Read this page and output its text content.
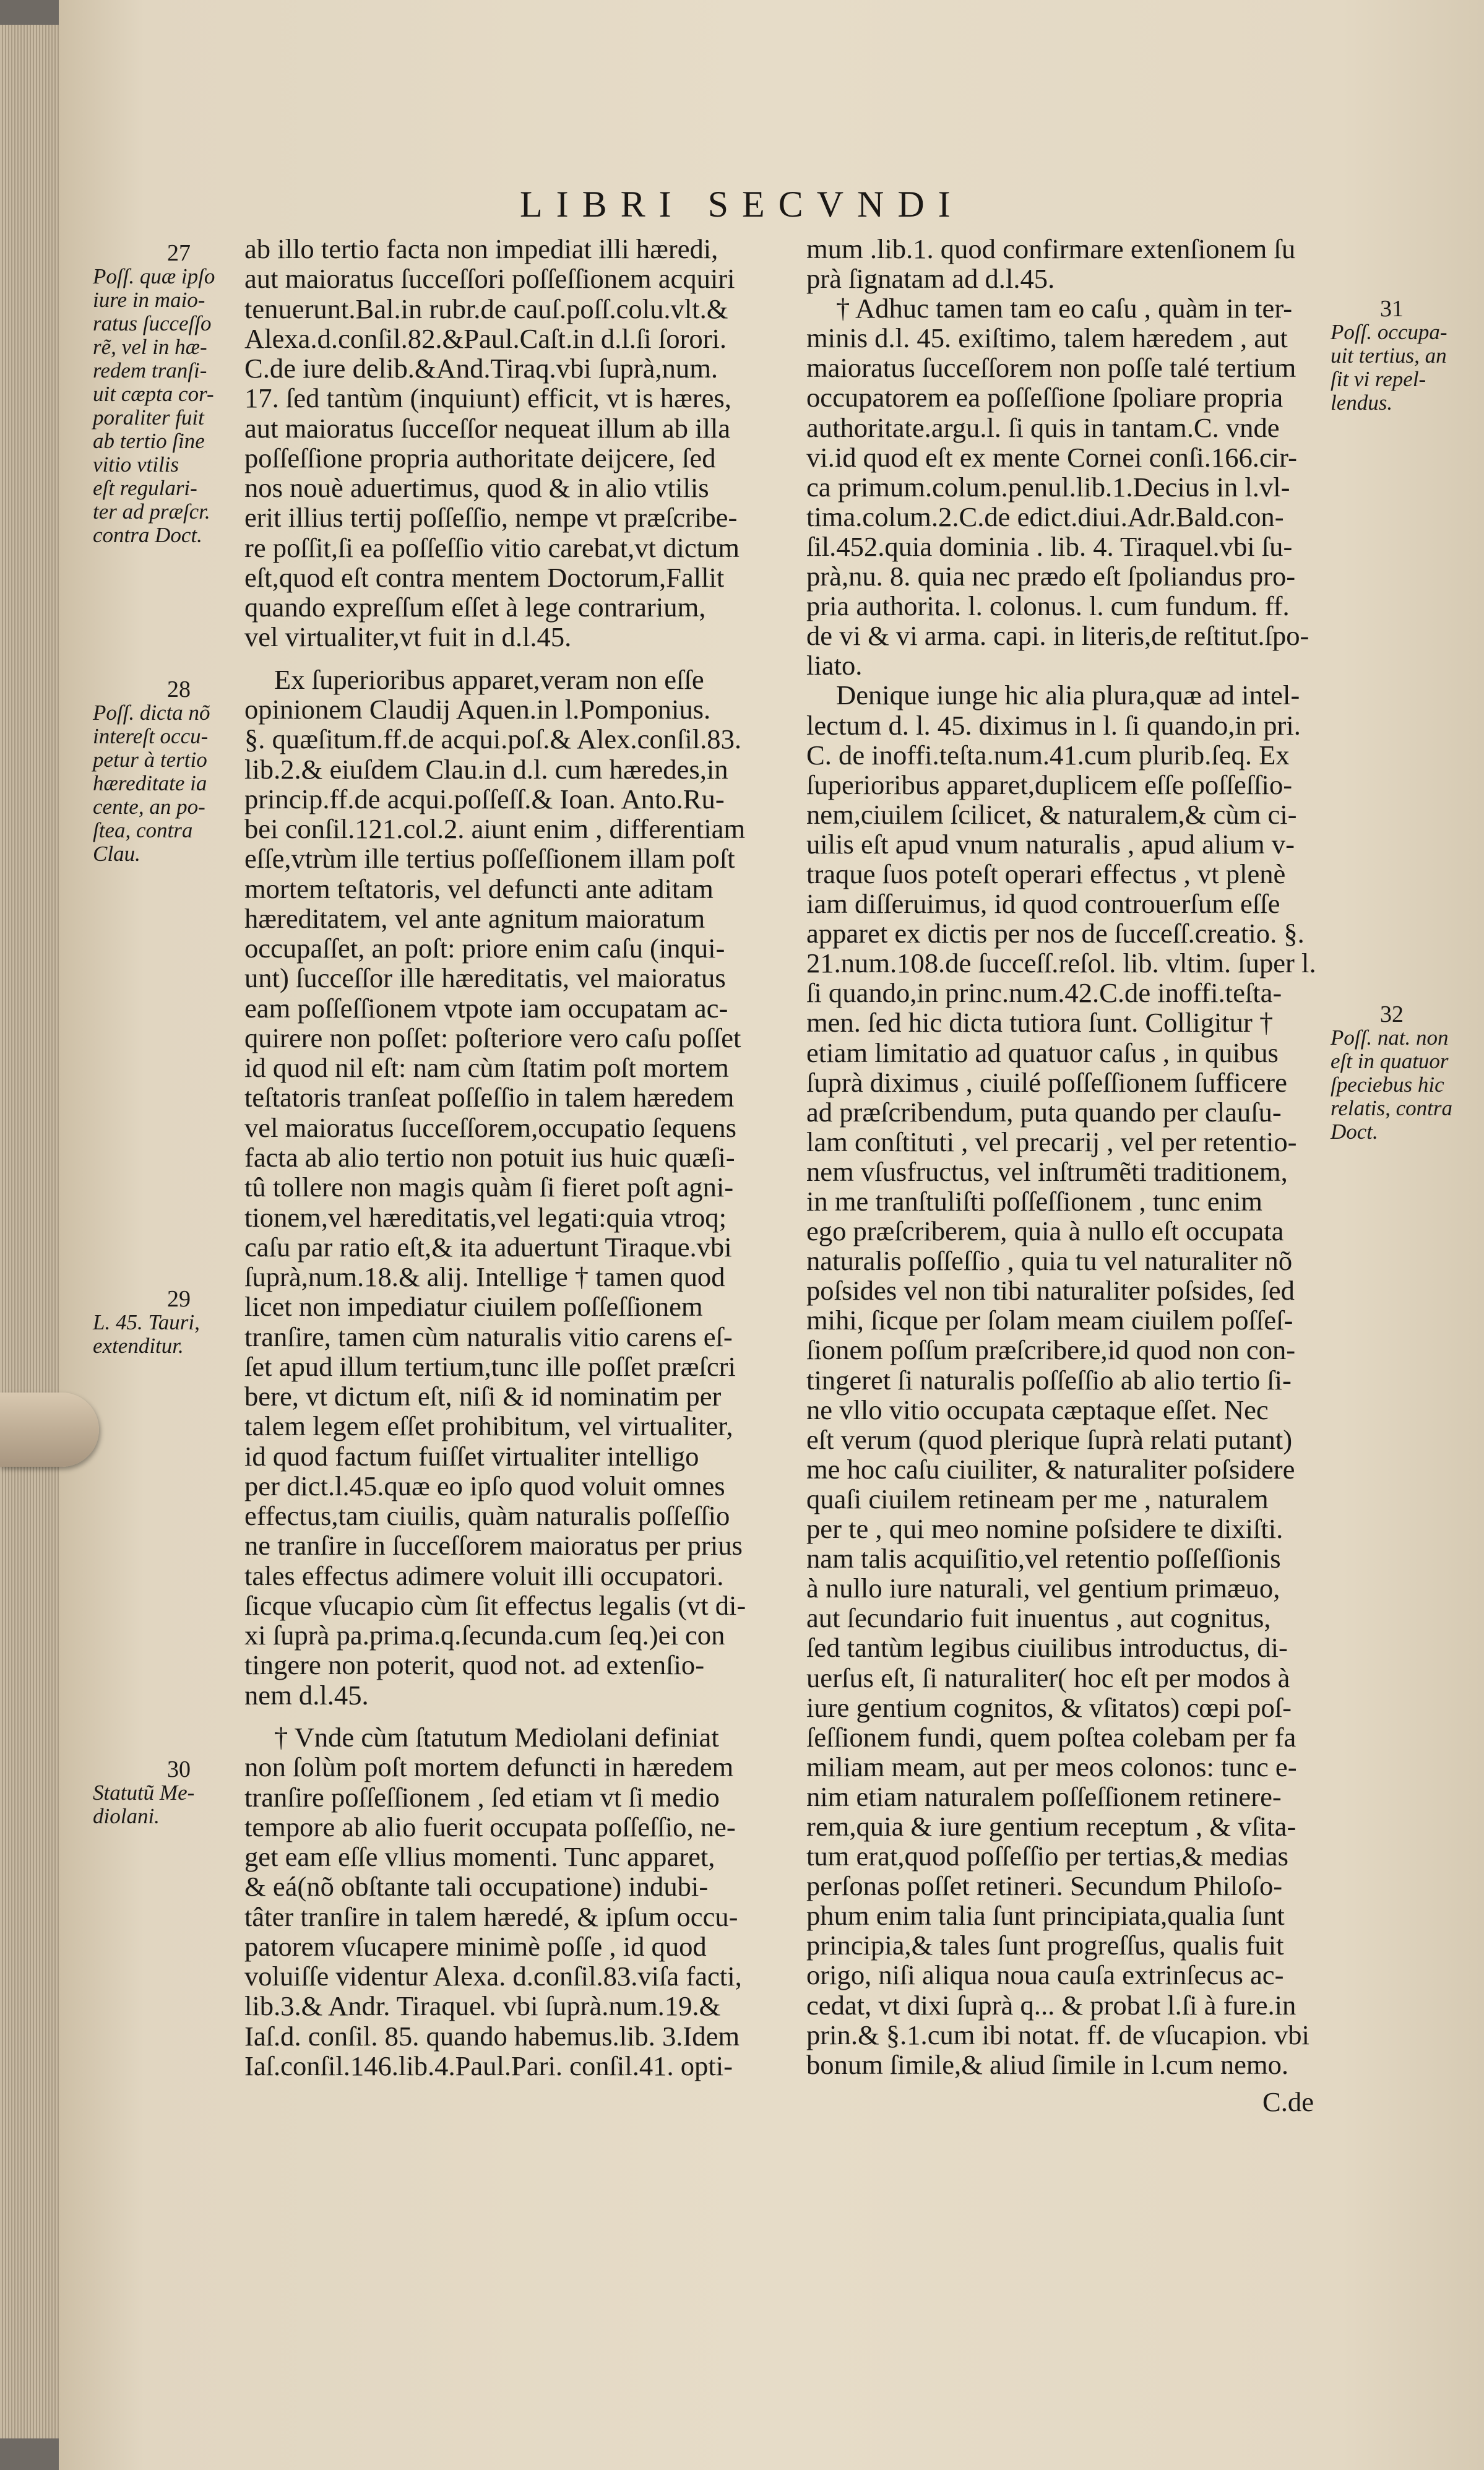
LIBRI SECVNDI
ab illo tertio facta non impediat illi hæredi,
aut maioratus ſucceſſori poſſeſſionem acquiri
tenuerunt.Bal.in rubr.de cauſ.poſſ.colu.vlt.&
Alexa.d.conſil.82.&Paul.Caſt.in d.l.ſi ſorori.
C.de iure delib.&And.Tiraq.vbi ſuprà,num.
17. ſed tantùm (inquiunt) efficit, vt is hæres,
aut maioratus ſucceſſor nequeat illum ab illa
poſſeſſione propria authoritate deijcere, ſed
nos nouè aduertimus, quod & in alio vtilis
erit illius tertij poſſeſſio, nempe vt præſcribe-
re poſſit,ſi ea poſſeſſio vitio carebat,vt dictum
eſt,quod eſt contra mentem Doctorum,Fallit
quando expreſſum eſſet à lege contrarium,
vel virtualiter,vt fuit in d.l.45.
Ex ſuperioribus apparet,veram non eſſe
opinionem Claudij Aquen.in l.Pomponius.
§. quæſitum.ff.de acqui.poſ.& Alex.conſil.83.
lib.2.& eiuſdem Clau.in d.l. cum hæredes,in
princip.ff.de acqui.poſſeſſ.& Ioan. Anto.Ru-
bei conſil.121.col.2. aiunt enim , differentiam
eſſe,vtrùm ille tertius poſſeſſionem illam poſt
mortem teſtatoris, vel defuncti ante aditam
hæreditatem, vel ante agnitum maioratum
occupaſſet, an poſt: priore enim caſu (inqui-
unt) ſucceſſor ille hæreditatis, vel maioratus
eam poſſeſſionem vtpote iam occupatam ac-
quirere non poſſet: poſteriore vero caſu poſſet
id quod nil eſt: nam cùm ſtatim poſt mortem
teſtatoris tranſeat poſſeſſio in talem hæredem
vel maioratus ſucceſſorem,occupatio ſequens
facta ab alio tertio non potuit ius huic quæſi-
tû tollere non magis quàm ſi fieret poſt agni-
tionem,vel hæreditatis,vel legati:quia vtroq;
caſu par ratio eſt,& ita aduertunt Tiraque.vbi
ſuprà,num.18.& alij. Intellige † tamen quod
licet non impediatur ciuilem poſſeſſionem
tranſire, tamen cùm naturalis vitio carens eſ-
ſet apud illum tertium,tunc ille poſſet præſcri
bere, vt dictum eſt, niſi & id nominatim per
talem legem eſſet prohibitum, vel virtualiter,
id quod factum fuiſſet virtualiter intelligo
per dict.l.45.quæ eo ipſo quod voluit omnes
effectus,tam ciuilis, quàm naturalis poſſeſſio
ne tranſire in ſucceſſorem maioratus per prius
tales effectus adimere voluit illi occupatori.
ſicque vſucapio cùm ſit effectus legalis (vt di-
xi ſuprà pa.prima.q.ſecunda.cum ſeq.)ei con
tingere non poterit, quod not. ad extenſio-
nem d.l.45.
† Vnde cùm ſtatutum Mediolani definiat
non ſolùm poſt mortem defuncti in hæredem
tranſire poſſeſſionem , ſed etiam vt ſi medio
tempore ab alio fuerit occupata poſſeſſio, ne-
get eam eſſe vllius momenti. Tunc apparet,
& eá(nõ obſtante tali occupatione) indubi-
tâter tranſire in talem hæredé, & ipſum occu-
patorem vſucapere minimè poſſe , id quod
voluiſſe videntur Alexa. d.conſil.83.viſa facti,
lib.3.& Andr. Tiraquel. vbi ſuprà.num.19.&
Iaſ.d. conſil. 85. quando habemus.lib. 3.Idem
Iaſ.conſil.146.lib.4.Paul.Pari. conſil.41. opti-
mum .lib.1. quod confirmare extenſionem ſu
prà ſignatam ad d.l.45.
† Adhuc tamen tam eo caſu , quàm in ter-
minis d.l. 45. exiſtimo, talem hæredem , aut
maioratus ſucceſſorem non poſſe talé tertium
occupatorem ea poſſeſſione ſpoliare propria
authoritate.argu.l. ſi quis in tantam.C. vnde
vi.id quod eſt ex mente Cornei conſi.166.cir-
ca primum.colum.penul.lib.1.Decius in l.vl-
tima.colum.2.C.de edict.diui.Adr.Bald.con-
ſil.452.quia dominia . lib. 4. Tiraquel.vbi ſu-
prà,nu. 8. quia nec prædo eſt ſpoliandus pro-
pria authorita. l. colonus. l. cum fundum. ff.
de vi & vi arma. capi. in literis,de reſtitut.ſpo-
liato.
Denique iunge hic alia plura,quæ ad intel-
lectum d. l. 45. diximus in l. ſi quando,in pri.
C. de inoffi.teſta.num.41.cum plurib.ſeq. Ex
ſuperioribus apparet,duplicem eſſe poſſeſſio-
nem,ciuilem ſcilicet, & naturalem,& cùm ci-
uilis eſt apud vnum naturalis , apud alium v-
traque ſuos poteſt operari effectus , vt plenè
iam diſſeruimus, id quod controuerſum eſſe
apparet ex dictis per nos de ſucceſſ.creatio. §.
21.num.108.de ſucceſſ.reſol. lib. vltim. ſuper l.
ſi quando,in princ.num.42.C.de inoffi.teſta-
men. ſed hic dicta tutiora ſunt. Colligitur †
etiam limitatio ad quatuor caſus , in quibus
ſuprà diximus , ciuilé poſſeſſionem ſufficere
ad præſcribendum, puta quando per clauſu-
lam conſtituti , vel precarij , vel per retentio-
nem vſusfructus, vel inſtrumẽti traditionem,
in me tranſtuliſti poſſeſſionem , tunc enim
ego præſcriberem, quia à nullo eſt occupata
naturalis poſſeſſio , quia tu vel naturaliter nõ
poſsides vel non tibi naturaliter poſsides, ſed
mihi, ſicque per ſolam meam ciuilem poſſeſ-
ſionem poſſum præſcribere,id quod non con-
tingeret ſi naturalis poſſeſſio ab alio tertio ſi-
ne vllo vitio occupata cæptaque eſſet. Nec
eſt verum (quod plerique ſuprà relati putant)
me hoc caſu ciuiliter, & naturaliter poſsidere
quaſi ciuilem retineam per me , naturalem
per te , qui meo nomine poſsidere te dixiſti.
nam talis acquiſitio,vel retentio poſſeſſionis
à nullo iure naturali, vel gentium primæuo,
aut ſecundario fuit inuentus , aut cognitus,
ſed tantùm legibus ciuilibus introductus, di-
uerſus eſt, ſi naturaliter( hoc eſt per modos à
iure gentium cognitos, & vſitatos) cœpi poſ-
ſeſſionem fundi, quem poſtea colebam per fa
miliam meam, aut per meos colonos: tunc e-
nim etiam naturalem poſſeſſionem retinere-
rem,quia & iure gentium receptum , & vſita-
tum erat,quod poſſeſſio per tertias,& medias
perſonas poſſet retineri. Secundum Philoſo-
phum enim talia ſunt principiata,qualia ſunt
principia,& tales ſunt progreſſus, qualis fuit
origo, niſi aliqua noua cauſa extrinſecus ac-
cedat, vt dixi ſuprà q... & probat l.ſi à fure.in
prin.& §.1.cum ibi notat. ff. de vſucapion. vbi
bonum ſimile,& aliud ſimile in l.cum nemo.
C.de
27
Poſſ. quæ ipſo
iure in maio-
ratus ſucceſſo
rẽ, vel in hæ-
redem tranſi-
uit cæpta cor-
poraliter fuit
ab tertio ſine
vitio vtilis
eſt regulari-
ter ad præſcr.
contra Doct.
28
Poſſ. dicta nõ
intereſt occu-
petur à tertio
hæreditate ia
cente, an po-
ſtea, contra
Clau.
29
L. 45. Tauri,
extenditur.
30
Statutũ Me-
diolani.
31
Poſſ. occupa-
uit tertius, an
ſit vi repel-
lendus.
32
Poſſ. nat. non
eſt in quatuor
ſpeciebus hic
relatis, contra
Doct.
